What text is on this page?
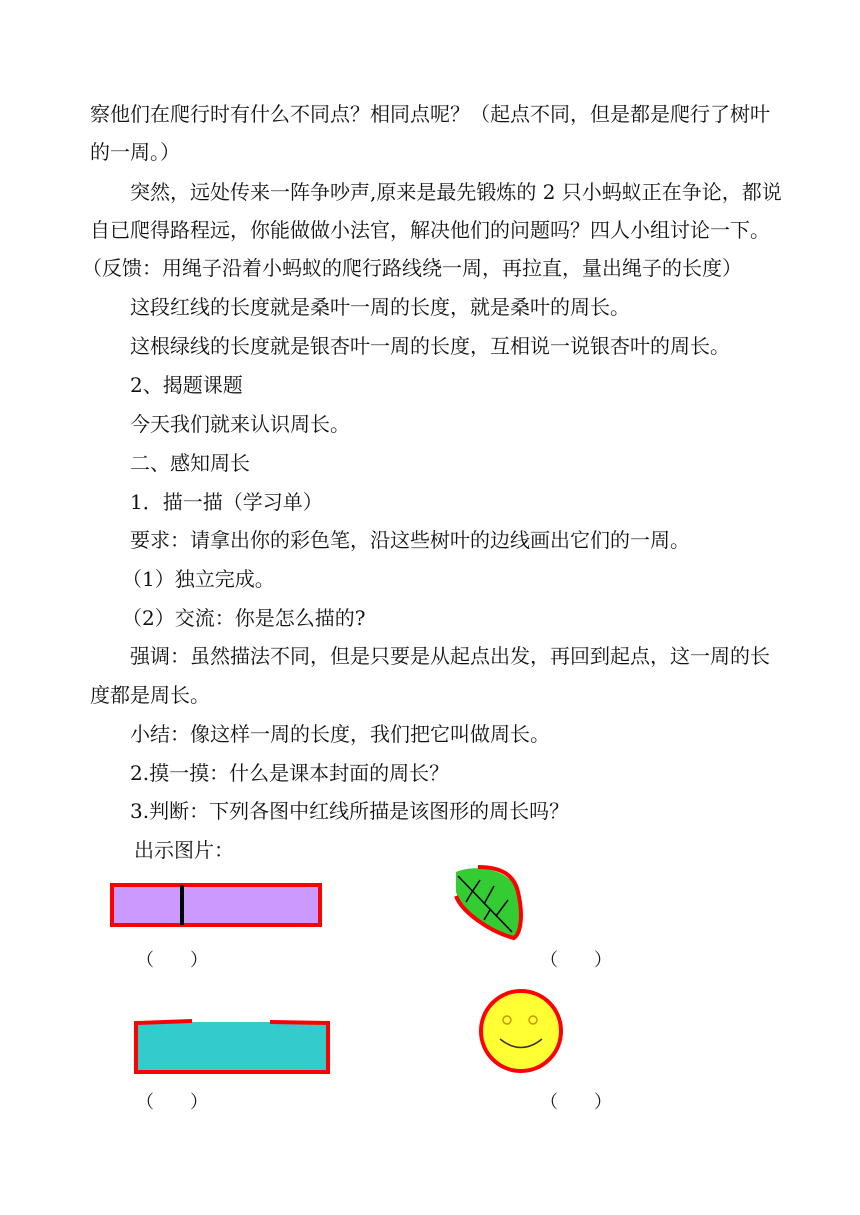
察他们在爬行时有什么不同点？相同点呢？（起点不同，但是都是爬行了树叶
的一周。）
突然，远处传来一阵争吵声,原来是最先锻炼的 2 只小蚂蚁正在争论，都说
自已爬得路程远，你能做做小法官，解决他们的问题吗？四人小组讨论一下。
（反馈：用绳子沿着小蚂蚁的爬行路线绕一周，再拉直，量出绳子的长度）
这段红线的长度就是桑叶一周的长度，就是桑叶的周长。
这根绿线的长度就是银杏叶一周的长度，互相说一说银杏叶的周长。
2、揭题课题
今天我们就来认识周长。
二、感知周长
1．描一描（学习单）
要求：请拿出你的彩色笔，沿这些树叶的边线画出它们的一周。
（1）独立完成。
（2）交流：你是怎么描的?
强调：虽然描法不同，但是只要是从起点出发，再回到起点，这一周的长
度都是周长。
小结：像这样一周的长度，我们把它叫做周长。
2.摸一摸：什么是课本封面的周长？
3.判断：下列各图中红线所描是该图形的周长吗？
出示图片：
（　　）	（　　）
（　　）	（　　）
